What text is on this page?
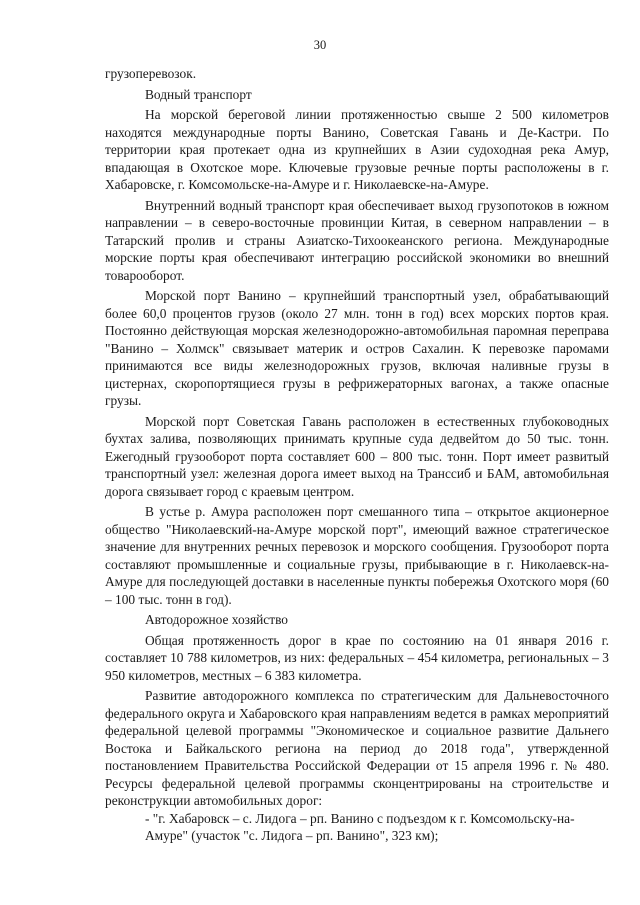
30

грузоперевозок.

Водный транспорт

На морской береговой линии протяженностью свыше 2 500 километров находятся международные порты Ванино, Советская Гавань и Де-Кастри. По территории края протекает одна из крупнейших в Азии судоходная река Амур, впадающая в Охотское море. Ключевые грузовые речные порты расположены в г. Хабаровске, г. Комсомольске-на-Амуре и г. Николаевске-на-Амуре.

Внутренний водный транспорт края обеспечивает выход грузопотоков в южном направлении – в северо-восточные провинции Китая, в северном направлении – в Татарский пролив и страны Азиатско-Тихоокеанского региона. Международные морские порты края обеспечивают интеграцию российской экономики во внешний товарооборот.

Морской порт Ванино – крупнейший транспортный узел, обрабатывающий более 60,0 процентов грузов (около 27 млн. тонн в год) всех морских портов края. Постоянно действующая морская железнодорожно-автомобильная паромная переправа "Ванино – Холмск" связывает материк и остров Сахалин. К перевозке паромами принимаются все виды железнодорожных грузов, включая наливные грузы в цистернах, скоропортящиеся грузы в рефрижераторных вагонах, а также опасные грузы.

Морской порт Советская Гавань расположен в естественных глубоководных бухтах залива, позволяющих принимать крупные суда дедвейтом до 50 тыс. тонн. Ежегодный грузооборот порта составляет 600 – 800 тыс. тонн. Порт имеет развитый транспортный узел: железная дорога имеет выход на Транссиб и БАМ, автомобильная дорога связывает город с краевым центром.

В устье р. Амура расположен порт смешанного типа – открытое акционерное общество "Николаевский-на-Амуре морской порт", имеющий важное стратегическое значение для внутренних речных перевозок и морского сообщения. Грузооборот порта составляют промышленные и социальные грузы, прибывающие в г. Николаевск-на-Амуре для последующей доставки в населенные пункты побережья Охотского моря (60 – 100 тыс. тонн в год).

Автодорожное хозяйство

Общая протяженность дорог в крае по состоянию на 01 января 2016 г. составляет 10 788 километров, из них: федеральных – 454 километра, региональных – 3 950 километров, местных – 6 383 километра.

Развитие автодорожного комплекса по стратегическим для Дальневосточного федерального округа и Хабаровского края направлениям ведется в рамках мероприятий федеральной целевой программы "Экономическое и социальное развитие Дальнего Востока и Байкальского региона на период до 2018 года", утвержденной постановлением Правительства Российской Федерации от 15 апреля 1996 г. № 480. Ресурсы федеральной целевой программы сконцентрированы на строительстве и реконструкции автомобильных дорог:

- "г. Хабаровск – с. Лидога – рп. Ванино с подъездом к г. Комсомольску-на-Амуре" (участок "с. Лидога – рп. Ванино", 323 км);
